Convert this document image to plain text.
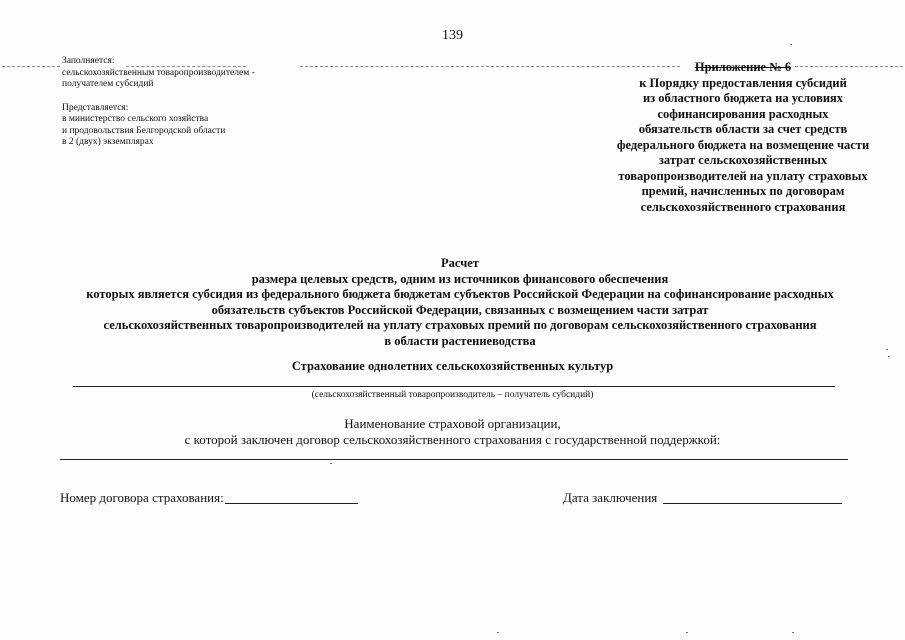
139
Заполняется:
сельскохозяйственным товаропроизводителем -
получателем субсидий
Представляется:
в министерство сельского хозяйства
и продовольствия Белгородской области
в 2 (двух) экземплярах
Приложение № 6
к Порядку предоставления субсидий
из областного бюджета на условиях
софинансирования расходных
обязательств области за счет средств
федерального бюджета на возмещение части
затрат сельскохозяйственных
товаропроизводителей на уплату страховых
премий, начисленных по договорам
сельскохозяйственного страхования
Расчет
размера целевых средств, одним из источников финансового обеспечения
которых является субсидия из федерального бюджета бюджетам субъектов Российской Федерации на софинансирование расходных
обязательств субъектов Российской Федерации, связанных с возмещением части затрат
сельскохозяйственных товаропроизводителей на уплату страховых премий по договорам сельскохозяйственного страхования
в области растениеводства
Страхование однолетних сельскохозяйственных культур
(сельскохозяйственный товаропроизводитель – получатель субсидий)
Наименование страховой организации,
с которой заключен договор сельскохозяйственного страхования с государственной поддержкой:
Номер договора страхования:	Дата заключения
